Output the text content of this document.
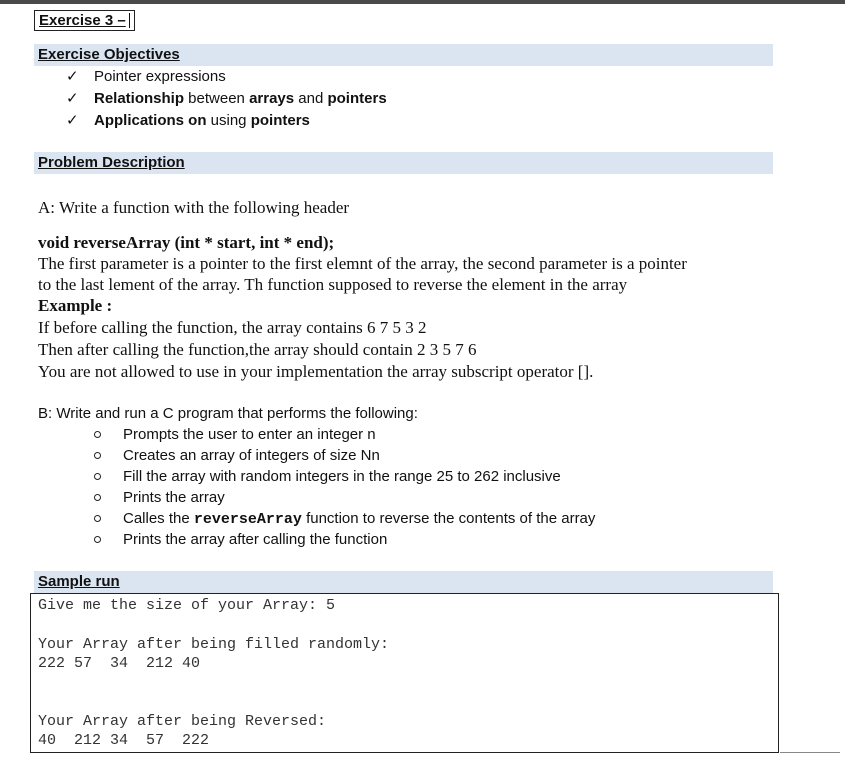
Exercise 3 –
Exercise Objectives
✓	Pointer expressions
✓	Relationship between arrays and pointers
✓	Applications on using pointers
Problem Description
A: Write a function with the following header
void reverseArray (int * start, int * end);
The first parameter is a pointer to the first elemnt of the array, the second parameter is a pointer
to the last lement of the array. Th function supposed to reverse the element in the array
Example :
If before calling the function, the array contains 6 7 5 3 2
Then after calling the function,the array should contain 2 3 5 7 6
You are not allowed to use in your implementation the array subscript operator [].
B: Write and run a C program that performs the following:
Prompts the user to enter an integer n
Creates an array of integers of size Nn
Fill the array with random integers in the range 25 to 262 inclusive
Prints the array
Calles the reverseArray function to reverse the contents of the array
Prints the array after calling the function
Sample run
Give me the size of your Array: 5
Your Array after being filled randomly:
222 57  34  212 40
Your Array after being Reversed:
40  212 34  57  222
